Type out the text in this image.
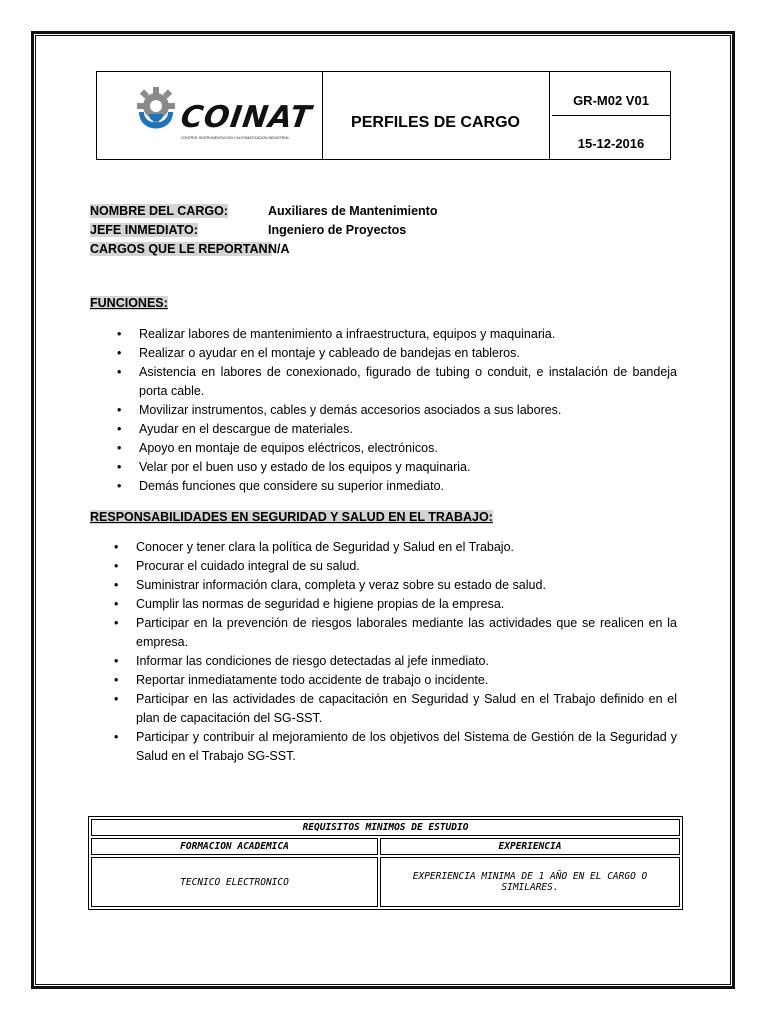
COINAT
CONTROL INSTRUMENTACION Y AUTOMATIZACION INDUSTRIAL
PERFILES DE CARGO
GR-M02 V01
15-12-2016
NOMBRE DEL CARGO:	Auxiliares de Mantenimiento
JEFE INMEDIATO:	Ingeniero de Proyectos
CARGOS QUE LE REPORTAN:
N/A
FUNCIONES:
• Realizar labores de mantenimiento a infraestructura, equipos y maquinaria.
• Realizar o ayudar en el montaje y cableado de bandejas en tableros.
• Asistencia en labores de conexionado, figurado de tubing o conduit, e instalación de bandeja porta cable.
• Movilizar instrumentos, cables y demás accesorios asociados a sus labores.
• Ayudar en el descargue de materiales.
• Apoyo en montaje de equipos eléctricos, electrónicos.
• Velar por el buen uso y estado de los equipos y maquinaria.
• Demás funciones que considere su superior inmediato.
RESPONSABILIDADES EN SEGURIDAD Y SALUD EN EL TRABAJO:
• Conocer y tener clara la política de Seguridad y Salud en el Trabajo.
• Procurar el cuidado integral de su salud.
• Suministrar información clara, completa y veraz sobre su estado de salud.
• Cumplir las normas de seguridad e higiene propias de la empresa.
• Participar en la prevención de riesgos laborales mediante las actividades que se realicen en la empresa.
• Informar las condiciones de riesgo detectadas al jefe inmediato.
• Reportar inmediatamente todo accidente de trabajo o incidente.
• Participar en las actividades de capacitación en Seguridad y Salud en el Trabajo definido en el plan de capacitación del SG-SST.
• Participar y contribuir al mejoramiento de los objetivos del Sistema de Gestión de la Seguridad y Salud en el Trabajo SG-SST.
REQUISITOS MINIMOS DE ESTUDIO
FORMACION ACADEMICA	EXPERIENCIA
TECNICO ELECTRONICO	EXPERIENCIA MINIMA DE 1 AÑO EN EL CARGO O SIMILARES.
